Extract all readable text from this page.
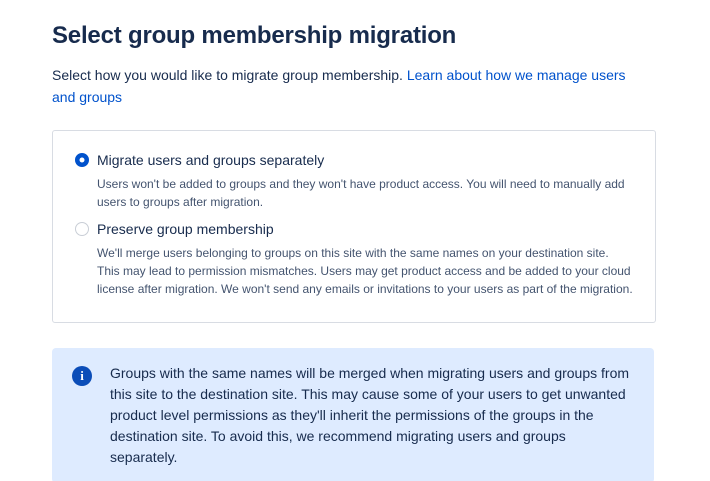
Select group membership migration

Select how you would like to migrate group membership. Learn about how we manage users and groups

Migrate users and groups separately

Users won't be added to groups and they won't have product access. You will need to manually add users to groups after migration.

Preserve group membership

We'll merge users belonging to groups on this site with the same names on your destination site. This may lead to permission mismatches. Users may get product access and be added to your cloud license after migration. We won't send any emails or invitations to your users as part of the migration.

i	Groups with the same names will be merged when migrating users and groups from this site to the destination site. This may cause some of your users to get unwanted product level permissions as they'll inherit the permissions of the groups in the destination site. To avoid this, we recommend migrating users and groups separately.
